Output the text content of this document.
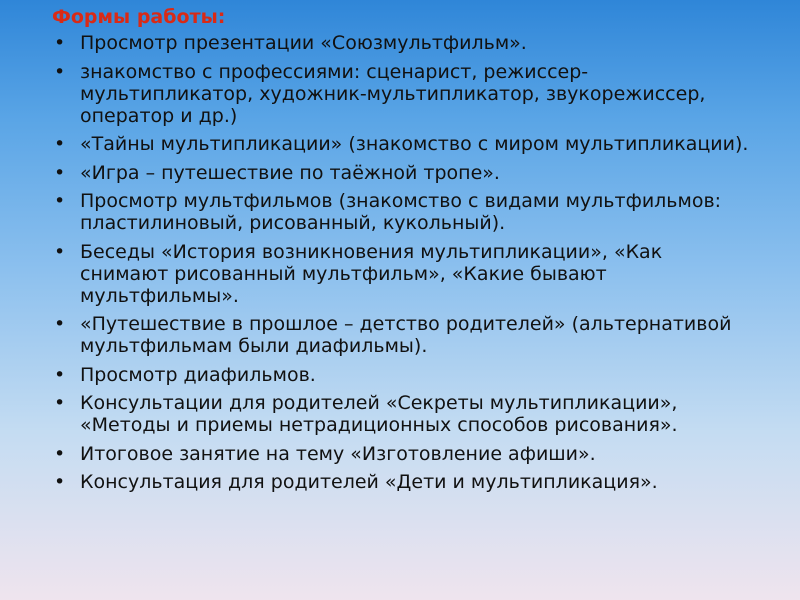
Формы работы:
• Просмотр презентации «Союзмультфильм».
• знакомство с профессиями: сценарист, режиссер-мультипликатор, художник-мультипликатор, звукорежиссер, оператор и др.)
• «Тайны мультипликации» (знакомство с миром мультипликации).
• «Игра – путешествие по таёжной тропе».
• Просмотр мультфильмов (знакомство с видами мультфильмов: пластилиновый, рисованный, кукольный).
• Беседы «История возникновения мультипликации», «Как снимают рисованный мультфильм», «Какие бывают мультфильмы».
• «Путешествие в прошлое – детство родителей» (альтернативой мультфильмам были диафильмы).
• Просмотр диафильмов.
• Консультации для родителей «Секреты мультипликации», «Методы и приемы нетрадиционных способов рисования».
• Итоговое занятие на тему «Изготовление афиши».
• Консультация для родителей «Дети и мультипликация».
